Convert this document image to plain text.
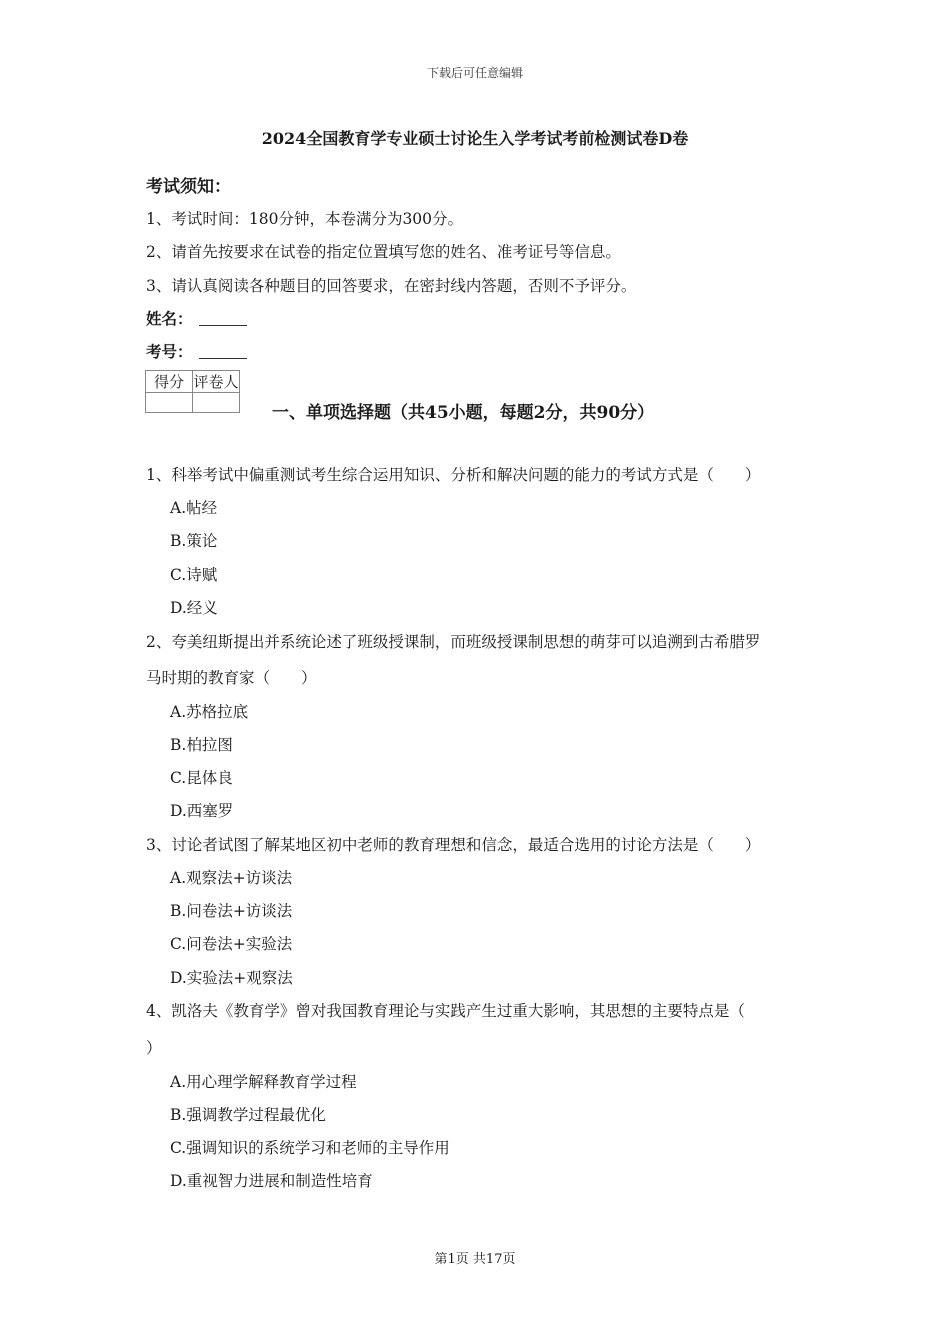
下载后可任意编辑
2024全国教育学专业硕士讨论生入学考试考前检测试卷D卷
考试须知：
1、考试时间：180分钟，本卷满分为300分。
2、请首先按要求在试卷的指定位置填写您的姓名、准考证号等信息。
3、请认真阅读各种题目的回答要求，在密封线内答题，否则不予评分。
姓名：
考号：
得分	评卷人

一、单项选择题（共45小题，每题2分，共90分）
1、科举考试中偏重测试考生综合运用知识、分析和解决问题的能力的考试方式是（　　）
A.帖经
B.策论
C.诗赋
D.经义
2、夸美纽斯提出并系统论述了班级授课制，而班级授课制思想的萌芽可以追溯到古希腊罗
马时期的教育家（　　）
A.苏格拉底
B.柏拉图
C.昆体良
D.西塞罗
3、讨论者试图了解某地区初中老师的教育理想和信念，最适合选用的讨论方法是（　　）
A.观察法+访谈法
B.问卷法+访谈法
C.问卷法+实验法
D.实验法+观察法
4、凯洛夫《教育学》曾对我国教育理论与实践产生过重大影响，其思想的主要特点是（
）
A.用心理学解释教育学过程
B.强调教学过程最优化
C.强调知识的系统学习和老师的主导作用
D.重视智力进展和制造性培育
第1页 共17页
